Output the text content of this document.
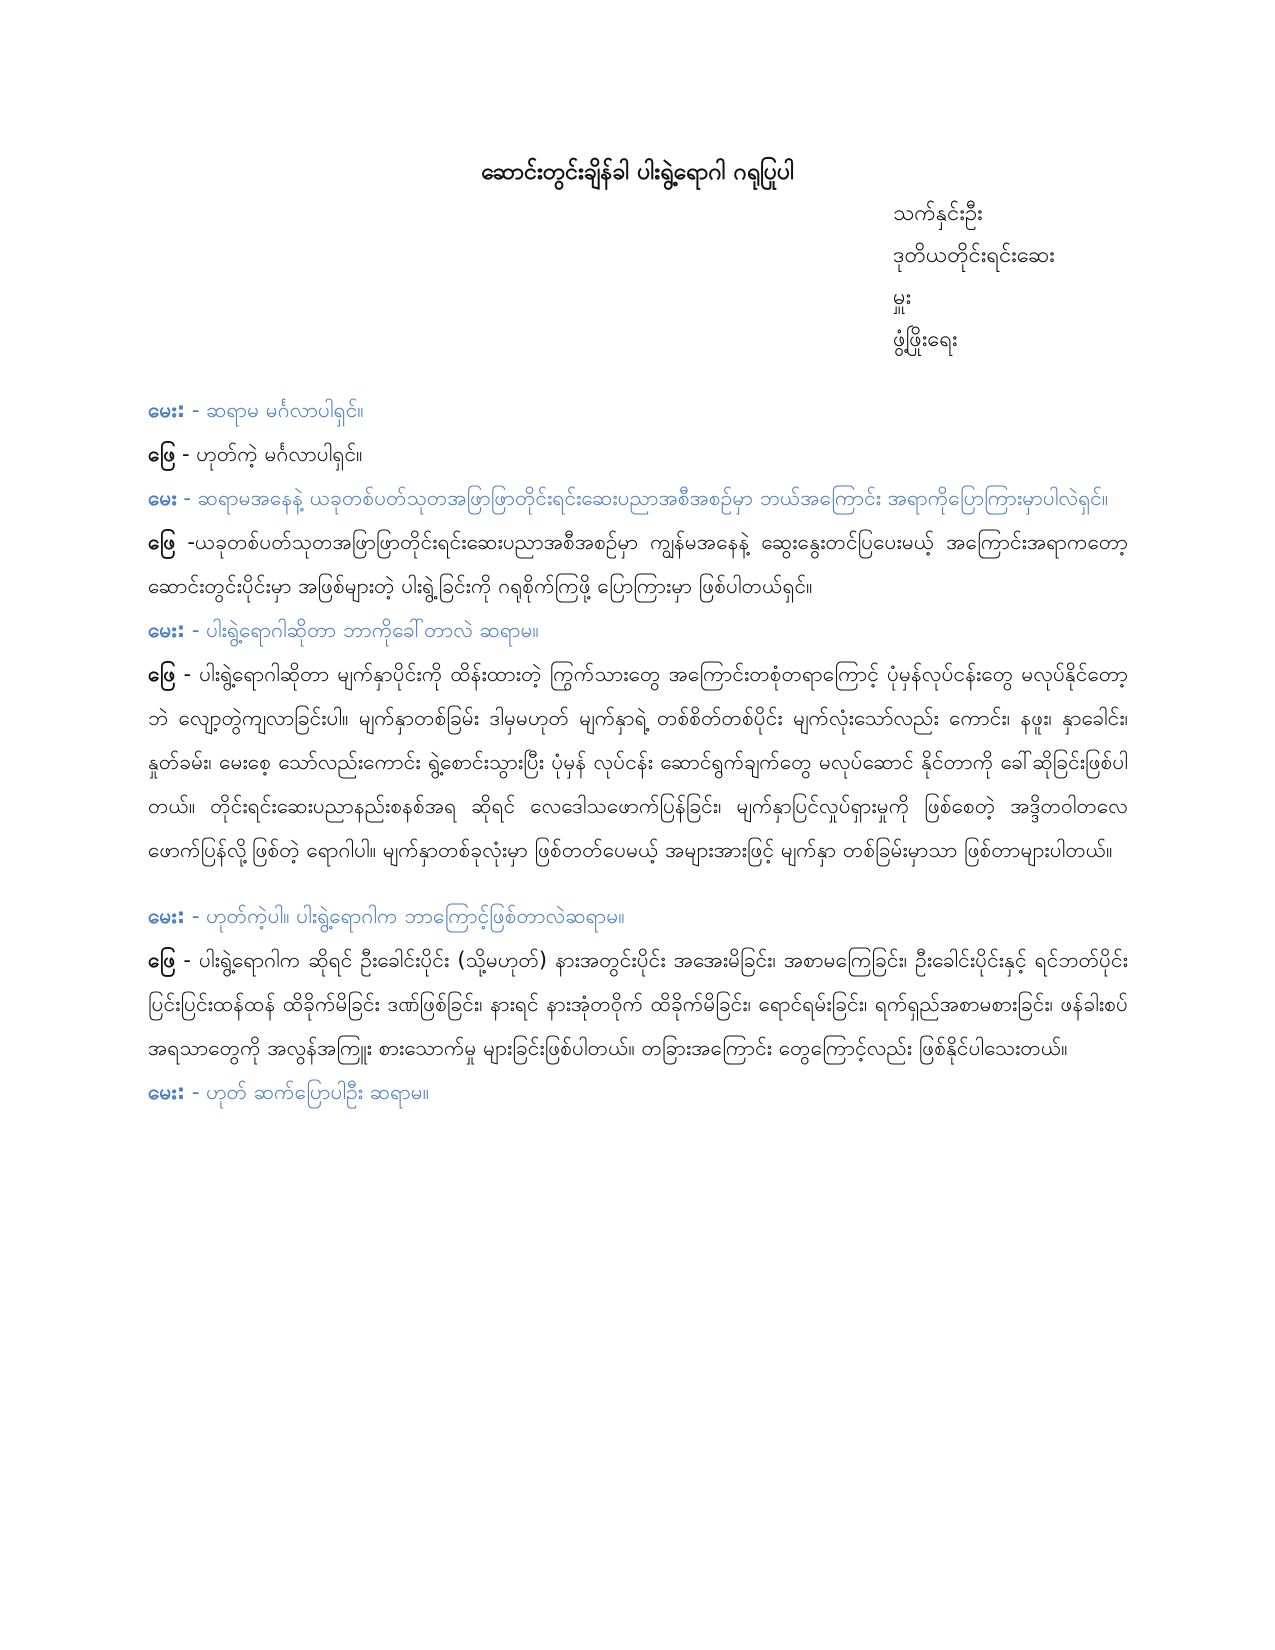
ဆောင်းတွင်းချိန်ခါ ပါးရွဲ့ရောဂါ ဂရုပြုပါ
သက်နှင်းဦး
ဒုတိယတိုင်းရင်းဆေး
မှူး
ဖွံ့ဖြိုးရေး

မေး: - ဆရာမ မင်္ဂလာပါရှင်။

ဖြေ - ဟုတ်ကဲ့ မင်္ဂလာပါရှင်။

မေး - ဆရာမအနေနဲ့ ယခုတစ်ပတ်သုတအဖြာဖြာတိုင်းရင်းဆေးပညာအစီအစဉ်မှာ ဘယ်အကြောင်း အရာကိုပြောကြားမှာပါလဲရှင်။

ဖြေ -ယခုတစ်ပတ်သုတအဖြာဖြာတိုင်းရင်းဆေးပညာအစီအစဉ်မှာ ကျွန်မအနေနဲ့ ဆွေးနွေးတင်ပြပေးမယ့် အကြောင်းအရာကတော့ ဆောင်းတွင်းပိုင်းမှာ အဖြစ်များတဲ့ ပါးရွဲ့ခြင်းကို ဂရုစိုက်ကြဖို့ ပြောကြားမှာ ဖြစ်ပါတယ်ရှင်။

မေး: - ပါးရွဲ့ရောဂါဆိုတာ ဘာကိုခေါ်တာလဲ ဆရာမ။

ဖြေ - ပါးရွဲ့ရောဂါဆိုတာ မျက်နှာပိုင်းကို ထိန်းထားတဲ့ ကြွက်သားတွေ အကြောင်းတစုံတရာကြောင့် ပုံမှန်လုပ်ငန်းတွေ မလုပ်နိုင်တော့ဘဲ လျော့တွဲကျလာခြင်းပါ။ မျက်နှာတစ်ခြမ်း ဒါမှမဟုတ် မျက်နှာရဲ့ တစ်စိတ်တစ်ပိုင်း မျက်လုံးသော်လည်း ကောင်း၊ နဖူး၊ နှာခေါင်း၊ နှုတ်ခမ်း၊ မေးစေ့ သော်လည်းကောင်း ရွဲ့စောင်းသွားပြီး ပုံမှန် လုပ်ငန်း ဆောင်ရွက်ချက်တွေ မလုပ်ဆောင် နိုင်တာကို ခေါ်ဆိုခြင်းဖြစ်ပါတယ်။ တိုင်းရင်းဆေးပညာနည်းစနစ်အရ ဆိုရင် လေဒေါသဖောက်ပြန်ခြင်း၊ မျက်နှာပြင်လှုပ်ရှားမှုကို ဖြစ်စေတဲ့ အဒ္ဒိတဝါတလေ ဖောက်ပြန်လို့ဖြစ်တဲ့ ရောဂါပါ။ မျက်နှာတစ်ခုလုံးမှာ ဖြစ်တတ်ပေမယ့် အများအားဖြင့် မျက်နှာ တစ်ခြမ်းမှာသာ ဖြစ်တာများပါတယ်။

မေး: - ဟုတ်ကဲ့ပါ။ ပါးရွဲ့ရောဂါက ဘာကြောင့်ဖြစ်တာလဲဆရာမ။

ဖြေ - ပါးရွဲ့ရောဂါက ဆိုရင် ဦးခေါင်းပိုင်း (သို့မဟုတ်) နားအတွင်းပိုင်း အအေးမိခြင်း၊ အစာမကြေခြင်း၊ ဦးခေါင်းပိုင်းနှင့် ရင်ဘတ်ပိုင်း ပြင်းပြင်းထန်ထန် ထိခိုက်မိခြင်း ဒဏ်ဖြစ်ခြင်း၊ နားရင် နားအုံတဝိုက် ထိခိုက်မိခြင်း၊ ရောင်ရမ်းခြင်း၊ ရက်ရှည်အစာမစားခြင်း၊ ဖန်ခါးစပ် အရသာတွေကို အလွန်အကြူး စားသောက်မှု များခြင်းဖြစ်ပါတယ်။ တခြားအကြောင်း တွေကြောင့်လည်း ဖြစ်နိုင်ပါသေးတယ်။

မေး: - ဟုတ် ဆက်ပြောပါဦး ဆရာမ။
